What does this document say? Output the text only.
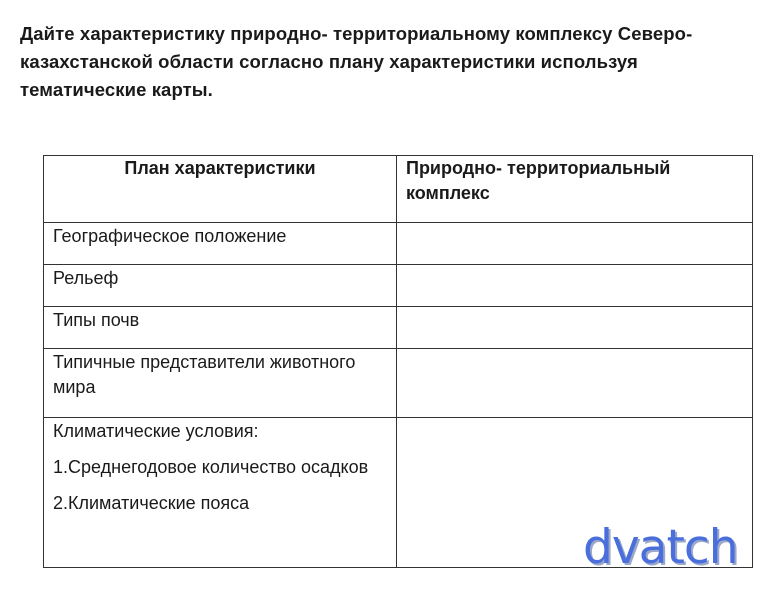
Дайте характеристику природно- территориальному комплексу Северо-казахстанской области согласно плану характеристики используя тематические карты.
План характеристики	Природно- территориальный комплекс
Географическое положение	
Рельеф	
Типы почв	
Типичные представители животного мира	

Климатические условия:
1.Среднегодовое количество осадков
2.Климатические пояса	

dvatch
